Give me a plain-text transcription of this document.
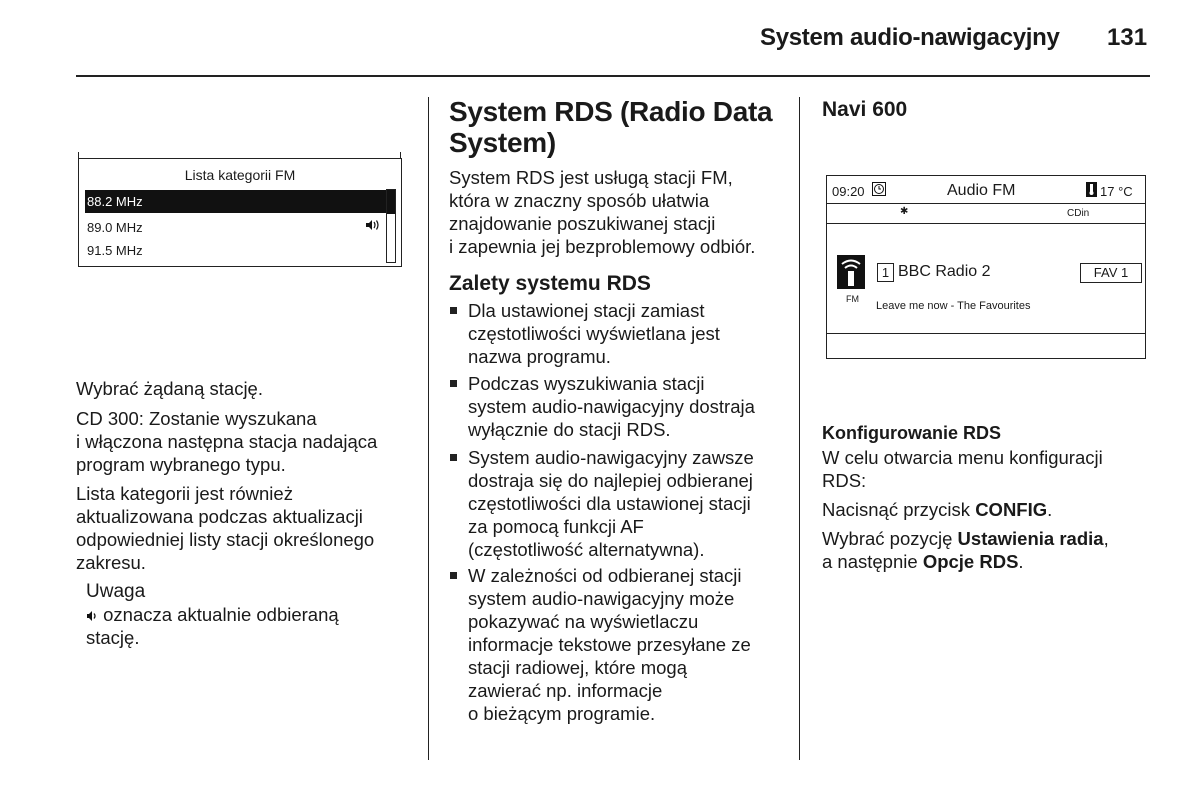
System audio-nawigacyjny 131
Lista kategorii FM
88.2 MHz
89.0 MHz
91.5 MHz
Wybrać żądaną stację.
CD 300: Zostanie wyszukana
i włączona następna stacja nadająca
program wybranego typu.
Lista kategorii jest również
aktualizowana podczas aktualizacji
odpowiedniej listy stacji określonego
zakresu.
Uwaga
oznacza aktualnie odbieraną
stację.
System RDS (Radio Data
System)
System RDS jest usługą stacji FM,
która w znaczny sposób ułatwia
znajdowanie poszukiwanej stacji
i zapewnia jej bezproblemowy odbiór.
Zalety systemu RDS
Dla ustawionej stacji zamiast
częstotliwości wyświetlana jest
nazwa programu.
Podczas wyszukiwania stacji
system audio-nawigacyjny dostraja
wyłącznie do stacji RDS.
System audio-nawigacyjny zawsze
dostraja się do najlepiej odbieranej
częstotliwości dla ustawionej stacji
za pomocą funkcji AF
(częstotliwość alternatywna).
W zależności od odbieranej stacji
system audio-nawigacyjny może
pokazywać na wyświetlaczu
informacje tekstowe przesyłane ze
stacji radiowej, które mogą
zawierać np. informacje
o bieżącym programie.
Navi 600
09:20	Audio FM	17 °C
✱	CDin
1 BBC Radio 2	FAV 1
FM
Leave me now - The Favourites
Konfigurowanie RDS
W celu otwarcia menu konfiguracji
RDS:
Nacisnąć przycisk CONFIG.
Wybrać pozycję Ustawienia radia,
a następnie Opcje RDS.
